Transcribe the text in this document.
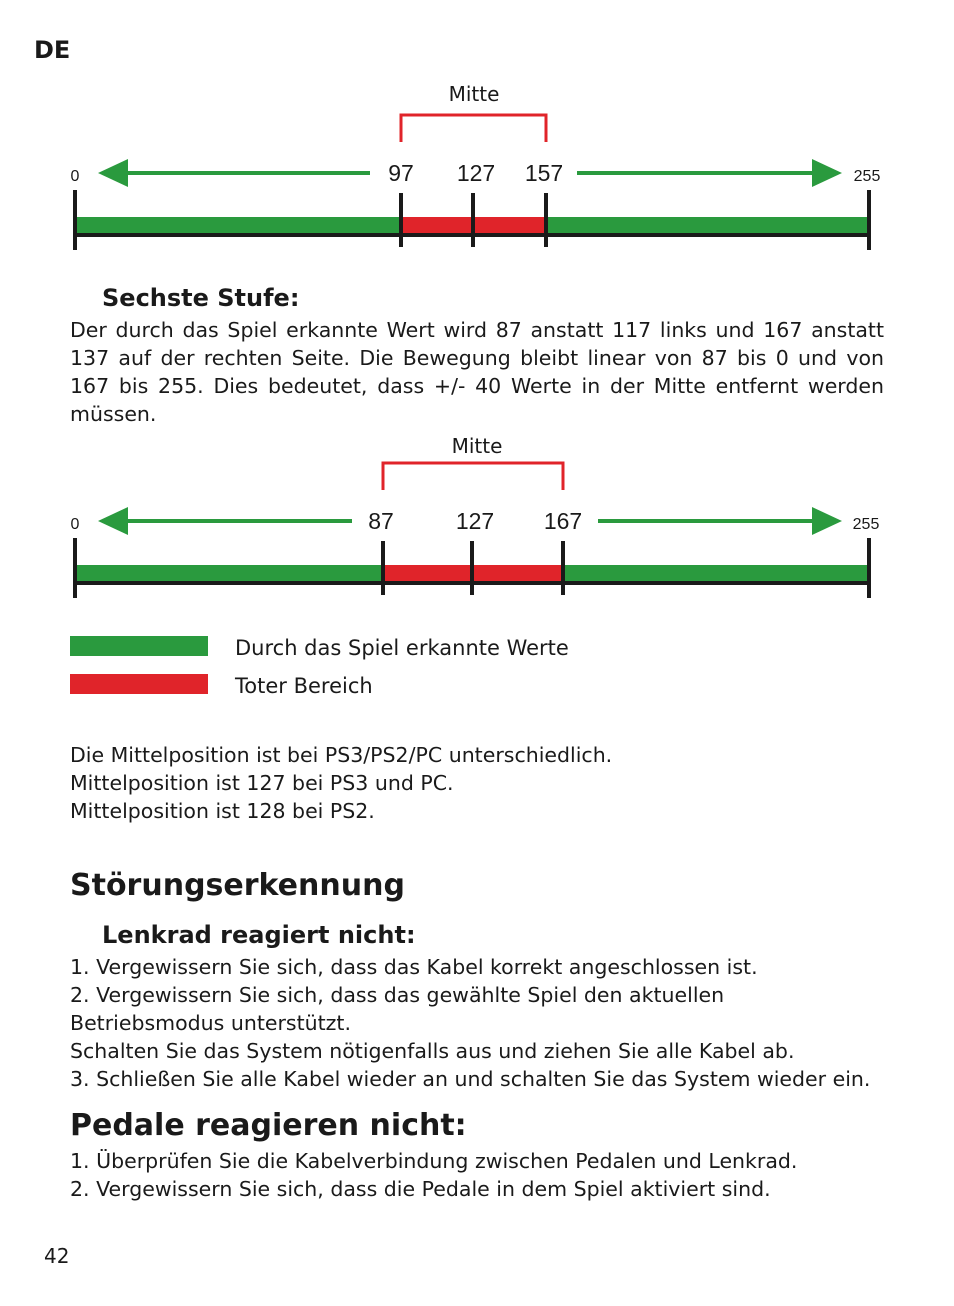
DE
Mitte
0	255
97 127 157
Sechste Stufe:
Der durch das Spiel erkannte Wert wird 87 anstatt 117 links und 167 anstatt 137 auf der rechten Seite. Die Bewegung bleibt linear von 87 bis 0 und von 167 bis 255. Dies bedeutet, dass +/- 40 Werte in der Mitte entfernt werden müssen.
Mitte
0	255
87	127 167
Durch das Spiel erkannte Werte
Toter Bereich
Die Mittelposition ist bei PS3/PS2/PC unterschiedlich.
Mittelposition ist 127 bei PS3 und PC.
Mittelposition ist 128 bei PS2.
Störungserkennung
Lenkrad reagiert nicht:
1. Vergewissern Sie sich, dass das Kabel korrekt angeschlossen ist.
2. Vergewissern Sie sich, dass das gewählte Spiel den aktuellen Betriebsmodus unterstützt.
Schalten Sie das System nötigenfalls aus und ziehen Sie alle Kabel ab.
3. Schließen Sie alle Kabel wieder an und schalten Sie das System wieder ein.
Pedale reagieren nicht:
1. Überprüfen Sie die Kabelverbindung zwischen Pedalen und Lenkrad.
2. Vergewissern Sie sich, dass die Pedale in dem Spiel aktiviert sind.
42
